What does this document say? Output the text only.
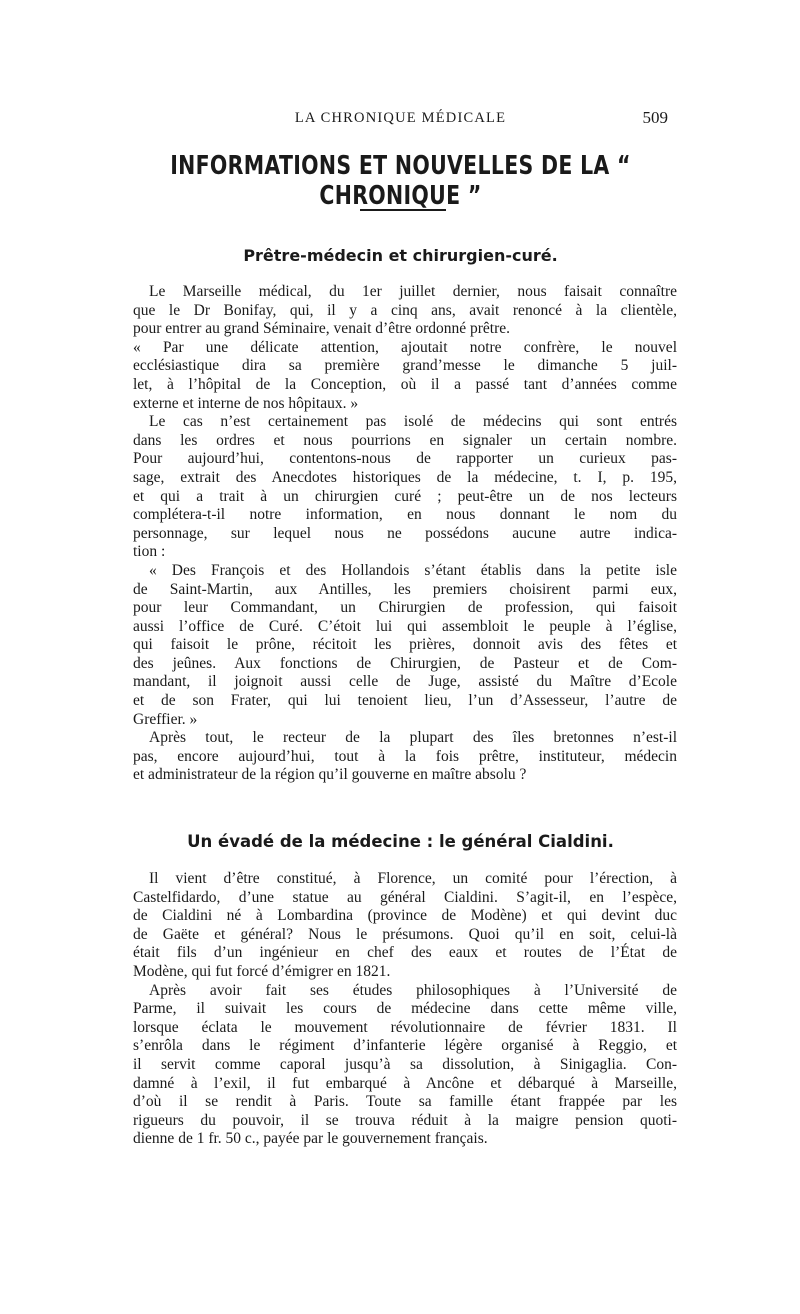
LA CHRONIQUE MÉDICALE	509
INFORMATIONS ET NOUVELLES DE LA “ CHRONIQUE ”
Prêtre-médecin et chirurgien-curé.
Le Marseille médical, du 1er juillet dernier, nous faisait connaître
que le Dr Bonifay, qui, il y a cinq ans, avait renoncé à la clientèle,
pour entrer au grand Séminaire, venait d’être ordonné prêtre.
« Par une délicate attention, ajoutait notre confrère, le nouvel
ecclésiastique dira sa première grand’messe le dimanche 5 juil-
let, à l’hôpital de la Conception, où il a passé tant d’années comme
externe et interne de nos hôpitaux. »
Le cas n’est certainement pas isolé de médecins qui sont entrés
dans les ordres et nous pourrions en signaler un certain nombre.
Pour aujourd’hui, contentons-nous de rapporter un curieux pas-
sage, extrait des Anecdotes historiques de la médecine, t. I, p. 195,
et qui a trait à un chirurgien curé ; peut-être un de nos lecteurs
complétera-t-il notre information, en nous donnant le nom du
personnage, sur lequel nous ne possédons aucune autre indica-
tion :
« Des François et des Hollandois s’étant établis dans la petite isle
de Saint-Martin, aux Antilles, les premiers choisirent parmi eux,
pour leur Commandant, un Chirurgien de profession, qui faisoit
aussi l’office de Curé. C’étoit lui qui assembloit le peuple à l’église,
qui faisoit le prône, récitoit les prières, donnoit avis des fêtes et
des jeûnes. Aux fonctions de Chirurgien, de Pasteur et de Com-
mandant, il joignoit aussi celle de Juge, assisté du Maître d’Ecole
et de son Frater, qui lui tenoient lieu, l’un d’Assesseur, l’autre de
Greffier. »
Après tout, le recteur de la plupart des îles bretonnes n’est-il
pas, encore aujourd’hui, tout à la fois prêtre, instituteur, médecin
et administrateur de la région qu’il gouverne en maître absolu ?
Un évadé de la médecine : le général Cialdini.
Il vient d’être constitué, à Florence, un comité pour l’érection, à
Castelfidardo, d’une statue au général Cialdini. S’agit-il, en l’espèce,
de Cialdini né à Lombardina (province de Modène) et qui devint duc
de Gaëte et général? Nous le présumons. Quoi qu’il en soit, celui-là
était fils d’un ingénieur en chef des eaux et routes de l’État de
Modène, qui fut forcé d’émigrer en 1821.
Après avoir fait ses études philosophiques à l’Université de
Parme, il suivait les cours de médecine dans cette même ville,
lorsque éclata le mouvement révolutionnaire de février 1831. Il
s’enrôla dans le régiment d’infanterie légère organisé à Reggio, et
il servit comme caporal jusqu’à sa dissolution, à Sinigaglia. Con-
damné à l’exil, il fut embarqué à Ancône et débarqué à Marseille,
d’où il se rendit à Paris. Toute sa famille étant frappée par les
rigueurs du pouvoir, il se trouva réduit à la maigre pension quoti-
dienne de 1 fr. 50 c., payée par le gouvernement français.
